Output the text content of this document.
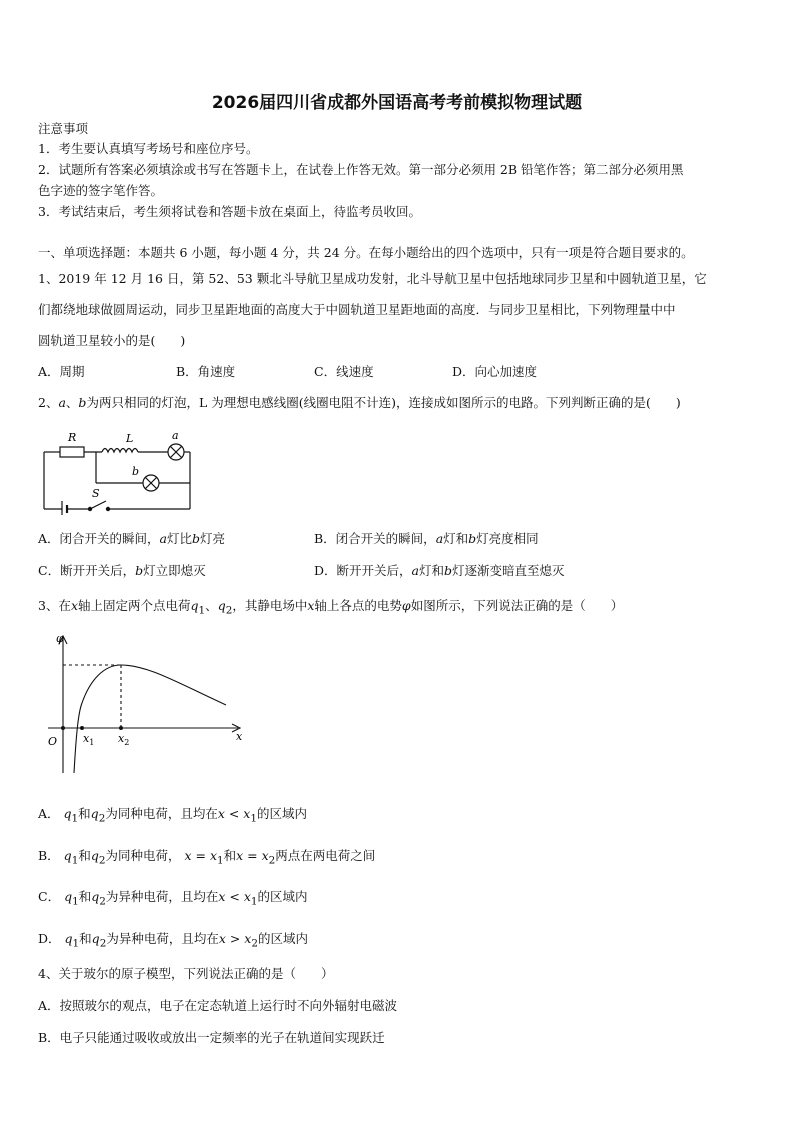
2026届四川省成都外国语高考考前模拟物理试题
注意事项
1．考生要认真填写考场号和座位序号。
2．试题所有答案必须填涂或书写在答题卡上，在试卷上作答无效。第一部分必须用 2B 铅笔作答；第二部分必须用黑
色字迹的签字笔作答。
3．考试结束后，考生须将试卷和答题卡放在桌面上，待监考员收回。
一、单项选择题：本题共 6 小题，每小题 4 分，共 24 分。在每小题给出的四个选项中，只有一项是符合题目要求的。
1、2019 年 12 月 16 日，第 52、53 颗北斗导航卫星成功发射，北斗导航卫星中包括地球同步卫星和中圆轨道卫星，它
们都绕地球做圆周运动，同步卫星距地面的高度大于中圆轨道卫星距地面的高度．与同步卫星相比，下列物理量中中
圆轨道卫星较小的是(　　)
A．周期	B．角速度	C．线速度	D．向心加速度
2、a、b为两只相同的灯泡，L 为理想电感线圈(线圈电阻不计连)，连接成如图所示的电路。下列判断正确的是(　　)
R	L	a
b
S
A．闭合开关的瞬间，a灯比b灯亮	B．闭合开关的瞬间，a灯和b灯亮度相同
C．断开开关后，b灯立即熄灭	D．断开开关后，a灯和b灯逐渐变暗直至熄灭
3、在x轴上固定两个点电荷$q_1$、$q_2$，其静电场中x轴上各点的电势φ如图所示，下列说法正确的是（　　）
φ
O $x_1$ $x_2$	x
A． $q_1$和$q_2$为同种电荷，且均在$x < x_1$的区域内
B． $q_1$和$q_2$为同种电荷， $x = x_1$和$x = x_2$两点在两电荷之间
C． $q_1$和$q_2$为异种电荷，且均在$x < x_1$的区域内
D． $q_1$和$q_2$为异种电荷，且均在$x > x_2$的区域内
4、关于玻尔的原子模型，下列说法正确的是（　　）
A．按照玻尔的观点，电子在定态轨道上运行时不向外辐射电磁波
B．电子只能通过吸收或放出一定频率的光子在轨道间实现跃迁
